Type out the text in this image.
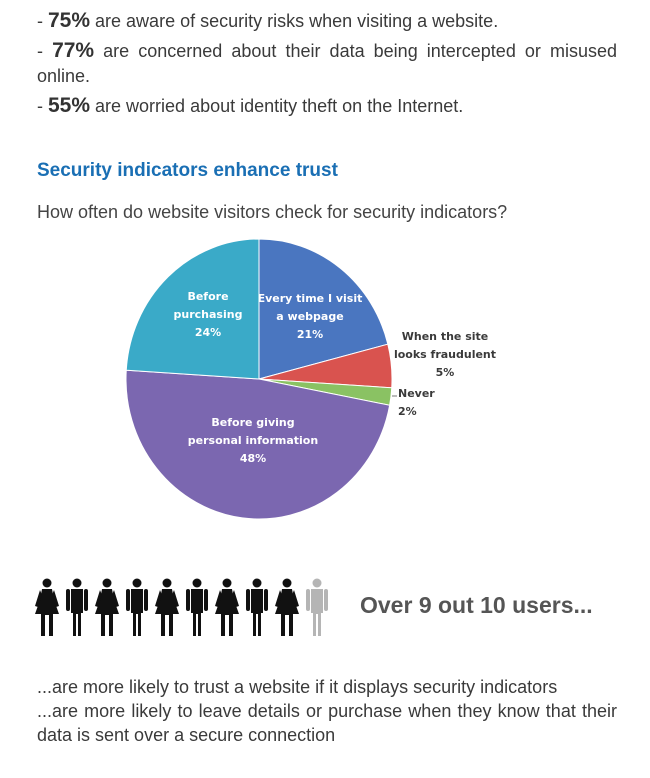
- 75% are aware of security risks when visiting a website.

- 77% are concerned about their data being intercepted or misused online.

- 55% are worried about identity theft on the Internet.

Security indicators enhance trust
How often do website visitors check for security indicators?
Every time I visit
a webpage
21%	When the site
looks fraudulent
5%
Never
2%
Before giving
personal information
48%
Before
purchasing
24%
Over 9 out 10 users...

...are more likely to trust a website if it displays security indicators

...are more likely to leave details or purchase when they know that their data is sent over a secure connection
